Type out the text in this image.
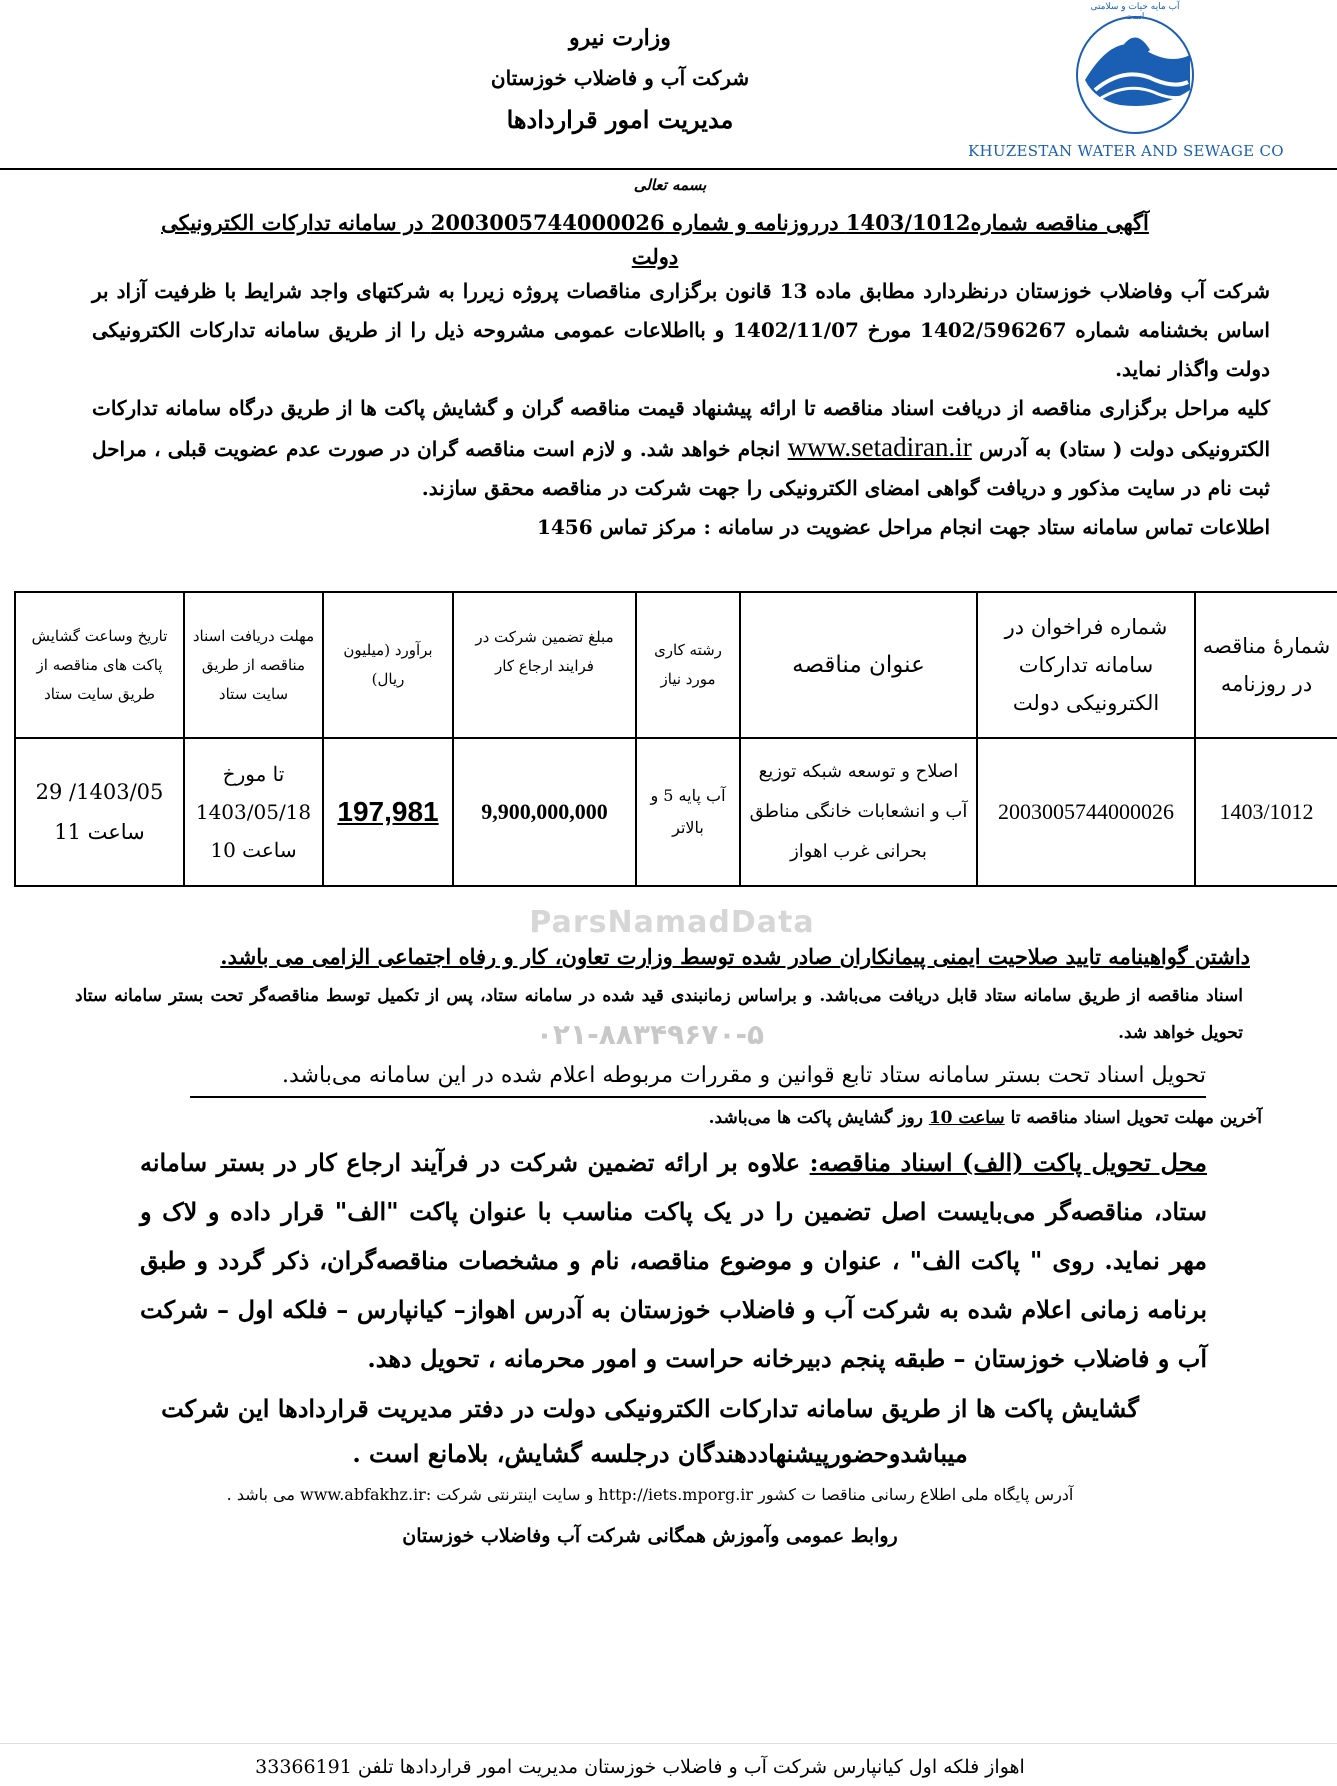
وزارت نیرو
شرکت آب و فاضلاب خوزستان
مدیریت امور قراردادها
آب مایه حیات و سلامتی است
KHUZESTAN WATER AND SEWAGE CO
بسمه تعالی
آگهی مناقصه شماره1403/1012 درروزنامه و شماره 2003005744000026 در سامانه تدارکات الکترونیکی دولت
شرکت آب وفاضلاب خوزستان درنظردارد مطابق ماده 13 قانون برگزاری مناقصات پروژه زیررا به شرکتهای واجد شرایط با ظرفیت آزاد بر اساس بخشنامه شماره 1402/596267 مورخ 1402/11/07 و بااطلاعات عمومی مشروحه ذیل را از طریق سامانه تدارکات الکترونیکی دولت واگذار نماید.
کلیه مراحل برگزاری مناقصه از دریافت اسناد مناقصه تا ارائه پیشنهاد قیمت مناقصه گران و گشایش پاکت ها از طریق درگاه سامانه تدارکات الکترونیکی دولت ( ستاد) به آدرس www.setadiran.ir انجام خواهد شد. و لازم است مناقصه گران در صورت عدم عضویت قبلی ، مراحل ثبت نام در سایت مذکور و دریافت گواهی امضای الکترونیکی را جهت شرکت در مناقصه محقق سازند.
اطلاعات تماس سامانه ستاد جهت انجام مراحل عضویت در سامانه : مرکز تماس 1456
شمارهٔ مناقصه در روزنامه	شماره فراخوان در سامانه تدارکات الکترونیکی دولت	عنوان مناقصه	رشته کاری مورد نیاز	مبلغ تضمین شرکت در فرایند ارجاع کار	برآورد (میلیون ریال)	مهلت دریافت اسناد مناقصه از طریق سایت ستاد	تاریخ وساعت گشایش پاکت های مناقصه از طریق سایت ستاد
1403/1012	2003005744000026	اصلاح و توسعه شبکه توزیع آب و انشعابات خانگی مناطق بحرانی غرب اهواز	آب پایه 5 و بالاتر	9,900,000,000	197,981	تا مورخ 1403/05/18 ساعت 10	1403/05/ 29 ساعت 11
ParsNamadData
۰۲۱-۸۸۳۴۹۶۷۰-۵
داشتن گواهینامه تایید صلاحیت ایمنی پیمانکاران صادر شده توسط وزارت تعاون، کار و رفاه اجتماعی الزامی می باشد.
اسناد مناقصه از طریق سامانه ستاد قابل دریافت می‌باشد. و براساس زمانبندی قید شده در سامانه ستاد، پس از تکمیل توسط مناقصه‌گر تحت بستر سامانه ستاد تحویل خواهد شد.
تحویل اسناد تحت بستر سامانه ستاد تابع قوانین و مقررات مربوطه اعلام شده در این سامانه می‌باشد.
آخرین مهلت تحویل اسناد مناقصه تا ساعت 10 روز گشایش پاکت ها می‌باشد.
محل تحویل پاکت (الف) اسناد مناقصه: علاوه بر ارائه تضمین شرکت در فرآیند ارجاع کار در بستر سامانه ستاد، مناقصه‌گر می‌بایست اصل تضمین را در یک پاکت مناسب با عنوان پاکت "الف" قرار داده و لاک و مهر نماید. روی " پاکت الف" ، عنوان و موضوع مناقصه، نام و مشخصات مناقصه‌گران، ذکر گردد و طبق برنامه زمانی اعلام شده به شرکت آب و فاضلاب خوزستان به آدرس اهواز– کیانپارس – فلکه اول – شرکت آب و فاضلاب خوزستان – طبقه پنجم دبیرخانه حراست و امور محرمانه ، تحویل دهد.
گشایش پاکت ها از طریق سامانه تدارکات الکترونیکی دولت در دفتر مدیریت قراردادها این شرکت
میباشدوحضورپیشنهاددهندگان درجلسه گشایش، بلامانع است .
آدرس پایگاه ملی اطلاع رسانی مناقصا ت کشور http://iets.mporg.ir و سایت اینترنتی شرکت :www.abfakhz.ir می باشد .
روابط عمومی وآموزش همگانی شرکت آب وفاضلاب خوزستان
اهواز فلکه اول کیانپارس شرکت آب و فاضلاب خوزستان مدیریت امور قراردادها تلفن 33366191
